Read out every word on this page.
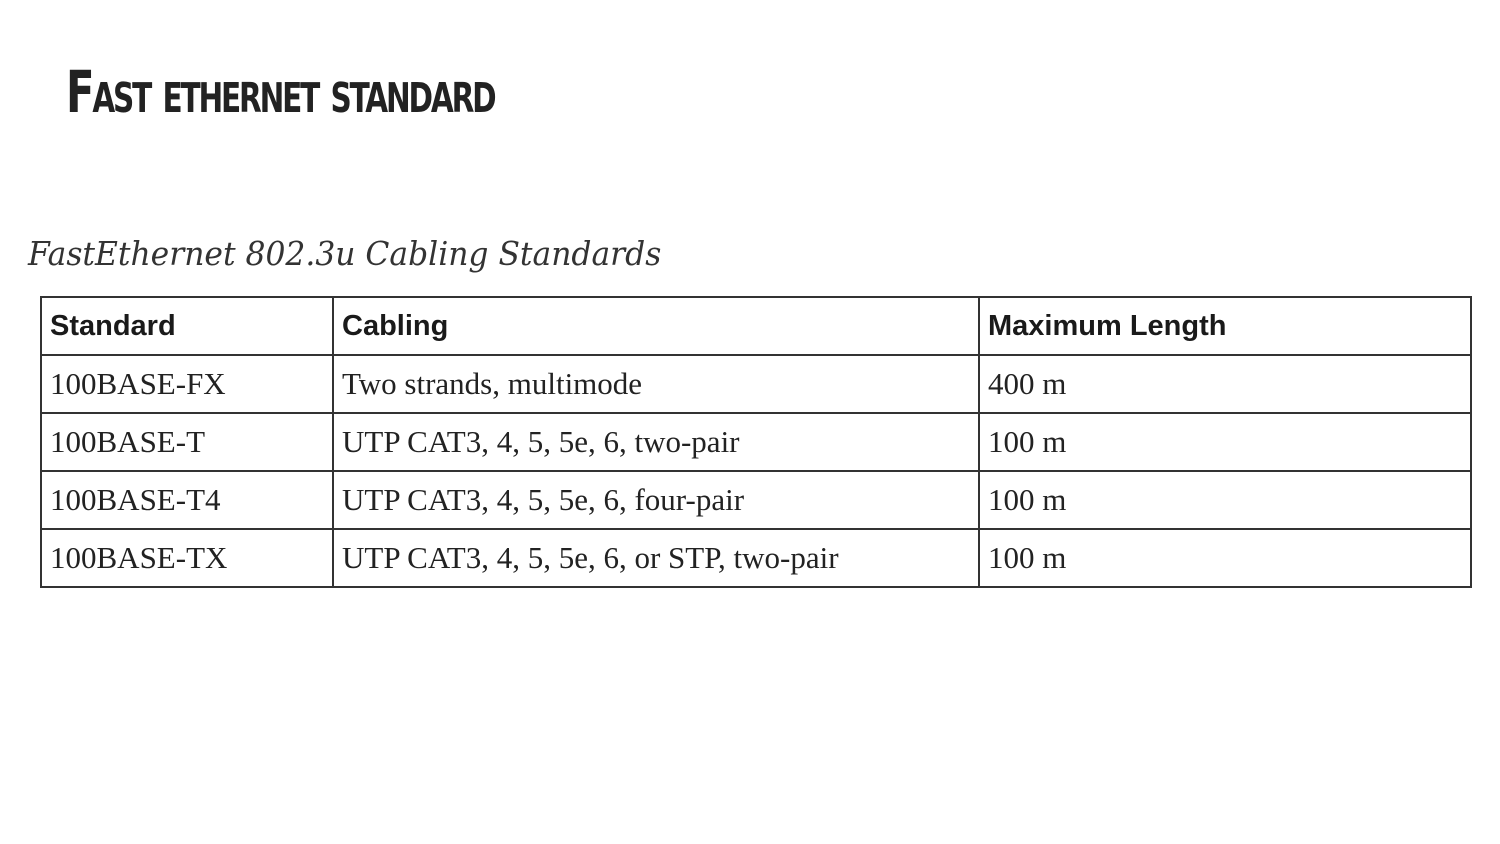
Fast ethernet standard

FastEthernet 802.3u Cabling Standards

Standard	Cabling	Maximum Length
100BASE-FX	Two strands, multimode	400 m
100BASE-T	UTP CAT3, 4, 5, 5e, 6, two-pair	100 m
100BASE-T4	UTP CAT3, 4, 5, 5e, 6, four-pair	100 m
100BASE-TX	UTP CAT3, 4, 5, 5e, 6, or STP, two-pair	100 m
